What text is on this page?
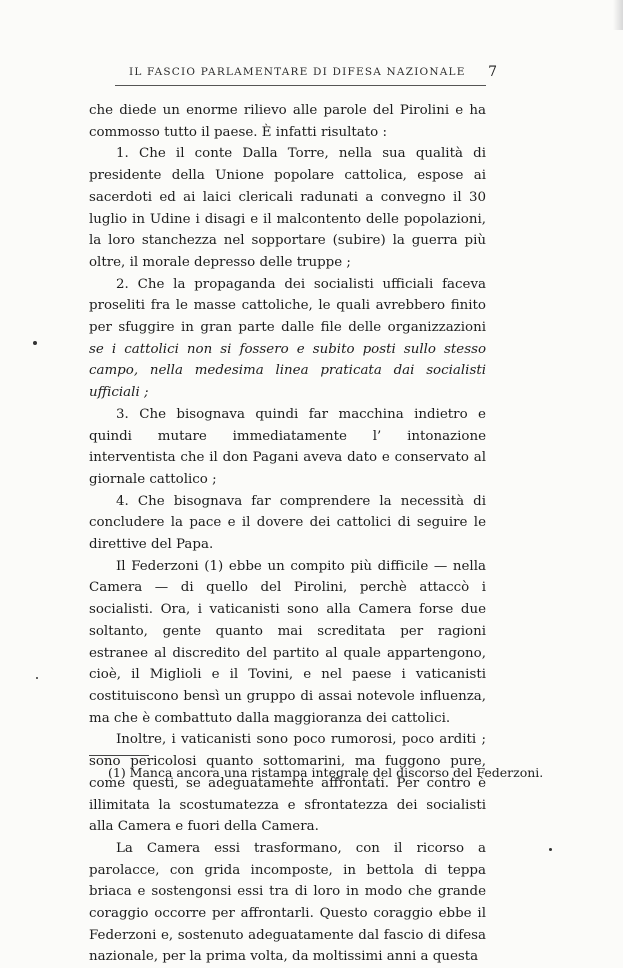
IL FASCIO PARLAMENTARE DI DIFESA NAZIONALE 7

che diede un enorme rilievo alle parole del Pirolini e ha commosso tutto il paese. È infatti risultato :

1. Che il conte Dalla Torre, nella sua qualità di presidente della Unione popolare cattolica, espose ai sacerdoti ed ai laici clericali radunati a convegno il 30 luglio in Udine i disagi e il malcontento delle popolazioni, la loro stanchezza nel sopportare (subire) la guerra più oltre, il morale depresso delle truppe ;

2. Che la propaganda dei socialisti ufficiali faceva proseliti fra le masse cattoliche, le quali avrebbero finito per sfuggire in gran parte dalle file delle organizzazioni se i cattolici non si fossero e subito posti sullo stesso campo, nella medesima linea praticata dai socialisti ufficiali ;

3. Che bisognava quindi far macchina indietro e quindi mutare immediatamente l’ intonazione interventista che il don Pagani aveva dato e conservato al giornale cattolico ;

4. Che bisognava far comprendere la necessità di concludere la pace e il dovere dei cattolici di seguire le direttive del Papa.

Il Federzoni (1) ebbe un compito più difficile — nella Camera — di quello del Pirolini, perchè attaccò i socialisti. Ora, i vaticanisti sono alla Camera forse due soltanto, gente quanto mai screditata per ragioni estranee al discredito del partito al quale appartengono, cioè, il Miglioli e il Tovini, e nel paese i vaticanisti costituiscono bensì un gruppo di assai notevole influenza, ma che è combattuto dalla maggioranza dei cattolici.

Inoltre, i vaticanisti sono poco rumorosi, poco arditi ; sono pericolosi quanto sottomarini, ma fuggono pure, come questi, se adeguatamente affrontati. Per contro è illimitata la scostumatezza e sfrontatezza dei socialisti alla Camera e fuori della Camera.

La Camera essi trasformano, con il ricorso a parolacce, con grida incomposte, in bettola di teppa briaca e sostengonsi essi tra di loro in modo che grande coraggio occorre per affrontarli. Questo coraggio ebbe il Federzoni e, sostenuto adeguatamente dal fascio di difesa nazionale, per la prima volta, da moltissimi anni a questa

(1) Manca ancora una ristampa integrale del discorso del Federzoni.
